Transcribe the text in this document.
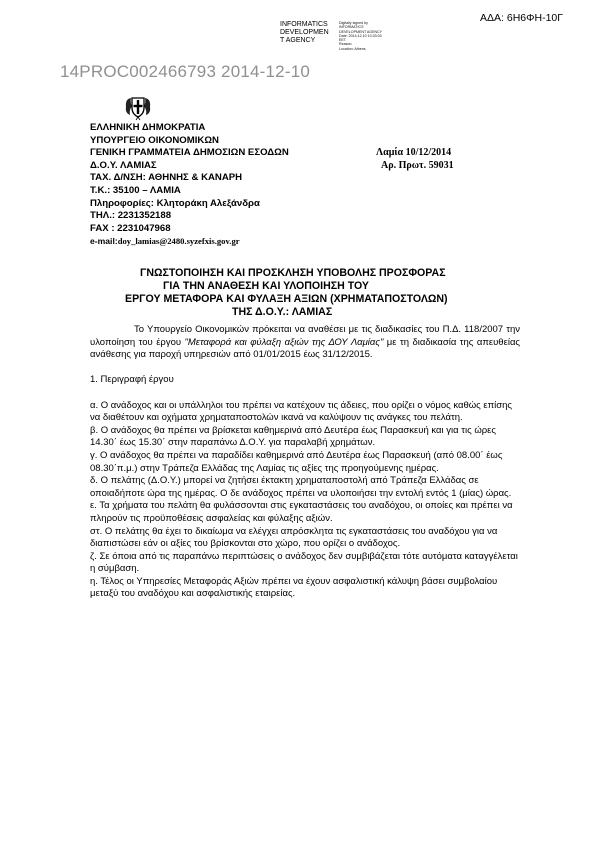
ΑΔΑ: 6Η6ΦΗ-10Γ
INFORMATICS
DEVELOPMEN
T AGENCY
Digitally signed by
INFORMATICS
DEVELOPMENT AGENCY
Date: 2014.12.10 10:33:03
EET
Reason:
Location: Athens
14PROC002466793 2014-12-10
ΕΛΛΗΝΙΚΗ ΔΗΜΟΚΡΑΤΙΑ
ΥΠΟΥΡΓΕΙΟ ΟΙΚΟΝΟΜΙΚΩΝ
ΓΕΝΙΚΗ ΓΡΑΜΜΑΤΕΙΑ ΔΗΜΟΣΙΩΝ ΕΣΟΔΩΝ
Δ.Ο.Υ. ΛΑΜΙΑΣ
ΤΑΧ. Δ/ΝΣΗ: ΑΘΗΝΗΣ & ΚΑΝΑΡΗ
Τ.Κ.: 35100 – ΛΑΜΙΑ
Πληροφορίες: Κλητοράκη Αλεξάνδρα
ΤΗΛ.: 2231352188
FAX : 2231047968
e-mail:doy_lamias@2480.syzefxis.gov.gr
Λαμία 10/12/2014
Αρ. Πρωτ. 59031
ΓΝΩΣΤΟΠΟΙΗΣΗ ΚΑΙ ΠΡΟΣΚΛΗΣΗ ΥΠΟΒΟΛΗΣ ΠΡΟΣΦΟΡΑΣ
ΓΙΑ ΤΗΝ ΑΝΑΘΕΣΗ ΚΑΙ ΥΛΟΠΟΙΗΣΗ ΤΟΥ
ΕΡΓΟΥ ΜΕΤΑΦΟΡΑ ΚΑΙ ΦΥΛΑΞΗ ΑΞΙΩΝ (ΧΡΗΜΑΤΑΠΟΣΤΟΛΩΝ)
ΤΗΣ Δ.Ο.Υ.: ΛΑΜΙΑΣ

Το Υπουργείο Οικονομικών πρόκειται να αναθέσει με τις διαδικασίες του Π.Δ. 118/2007 την υλοποίηση του έργου "Μεταφορά και φύλαξη αξιών της ΔΟΥ Λαμίας" με τη διαδικασία της απευθείας ανάθεσης για παροχή υπηρεσιών από 01/01/2015 έως 31/12/2015.

1. Περιγραφή έργου

α. Ο ανάδοχος και οι υπάλληλοι του πρέπει να κατέχουν τις άδειες, που ορίζει ο νόμος καθώς επίσης να διαθέτουν και οχήματα χρηματαποστολών ικανά να καλύψουν τις ανάγκες του πελάτη.

β. Ο ανάδοχος θα πρέπει να βρίσκεται καθημερινά από Δευτέρα έως Παρασκευή και για τις ώρες 14.30΄ έως 15.30΄ στην παραπάνω Δ.Ο.Υ. για παραλαβή χρημάτων.

γ. Ο ανάδοχος θα πρέπει να παραδίδει καθημερινά από Δευτέρα έως Παρασκευή (από 08.00΄ έως 08.30΄π.μ.) στην Τράπεζα Ελλάδας της Λαμίας τις αξίες της προηγούμενης ημέρας.

δ. Ο πελάτης (Δ.Ο.Υ.) μπορεί να ζητήσει έκτακτη χρηματαποστολή από Τράπεζα Ελλάδας σε οποιαδήποτε ώρα της ημέρας. Ο δε ανάδοχος πρέπει να υλοποιήσει την εντολή εντός 1 (μίας) ώρας.

ε. Τα χρήματα του πελάτη θα φυλάσσονται στις εγκαταστάσεις του αναδόχου, οι οποίες και πρέπει να πληρούν τις προϋποθέσεις ασφαλείας και φύλαξης αξιών.

στ. Ο πελάτης θα έχει το δικαίωμα να ελέγχει απρόσκλητα τις εγκαταστάσεις του αναδόχου για να διαπιστώσει εάν οι αξίες του βρίσκονται στο χώρο, που ορίζει ο ανάδοχος.

ζ. Σε όποια από τις παραπάνω περιπτώσεις ο ανάδοχος δεν συμβιβάζεται τότε αυτόματα καταγγέλεται η σύμβαση.

η. Τέλος οι Υπηρεσίες Μεταφοράς Αξιών πρέπει να έχουν ασφαλιστική κάλυψη βάσει συμβολαίου μεταξύ του αναδόχου και ασφαλιστικής εταιρείας.
